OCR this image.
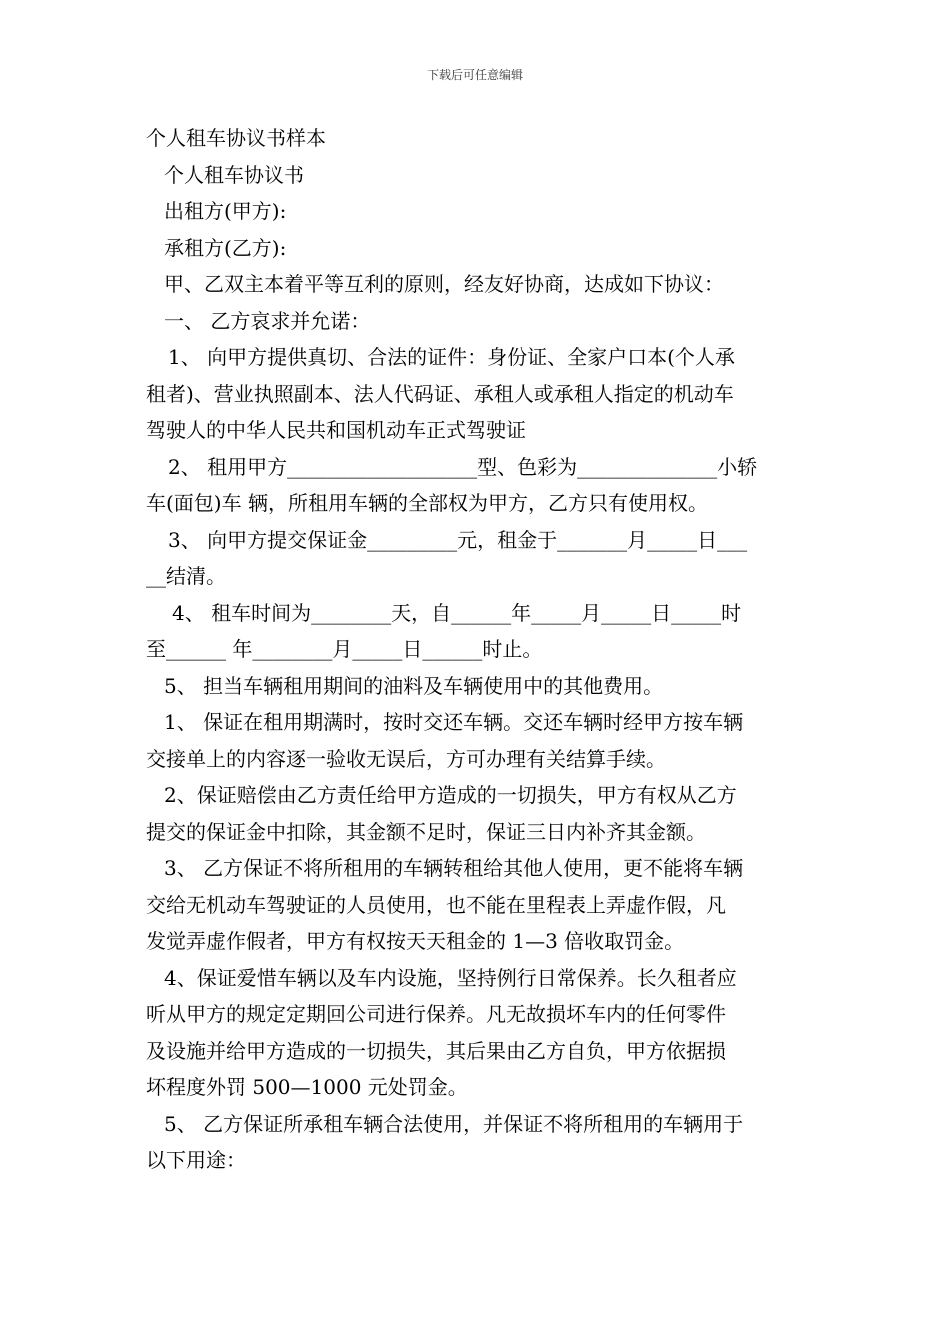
下载后可任意编辑
个人租车协议书样本
个人租车协议书
出租方(甲方):
承租方(乙方):
甲、乙双主本着平等互利的原则，经友好协商，达成如下协议：
一、 乙方哀求并允诺：
1、 向甲方提供真切、合法的证件：身份证、全家户口本(个人承
租者)、营业执照副本、法人代码证、承租人或承租人指定的机动车
驾驶人的中华人民共和国机动车正式驾驶证
2、 租用甲方___________________型、色彩为______________小轿
车(面包)车 辆，所租用车辆的全部权为甲方，乙方只有使用权。
3、 向甲方提交保证金_________元，租金于_______月_____日___
__结清。
4、 租车时间为________天，自______年_____月_____日_____时
至______ 年________月_____日______时止。
5、 担当车辆租用期间的油料及车辆使用中的其他费用。
1、 保证在租用期满时，按时交还车辆。交还车辆时经甲方按车辆
交接单上的内容逐一验收无误后，方可办理有关结算手续。
2、保证赔偿由乙方责任给甲方造成的一切损失，甲方有权从乙方
提交的保证金中扣除，其金额不足时，保证三日内补齐其金额。
3、 乙方保证不将所租用的车辆转租给其他人使用，更不能将车辆
交给无机动车驾驶证的人员使用，也不能在里程表上弄虚作假，凡
发觉弄虚作假者，甲方有权按天天租金的 1—3 倍收取罚金。
4、保证爱惜车辆以及车内设施，坚持例行日常保养。长久租者应
听从甲方的规定定期回公司进行保养。凡无故损坏车内的任何零件
及设施并给甲方造成的一切损失，其后果由乙方自负，甲方依据损
坏程度外罚 500—1000 元处罚金。
5、 乙方保证所承租车辆合法使用，并保证不将所租用的车辆用于
以下用途：
